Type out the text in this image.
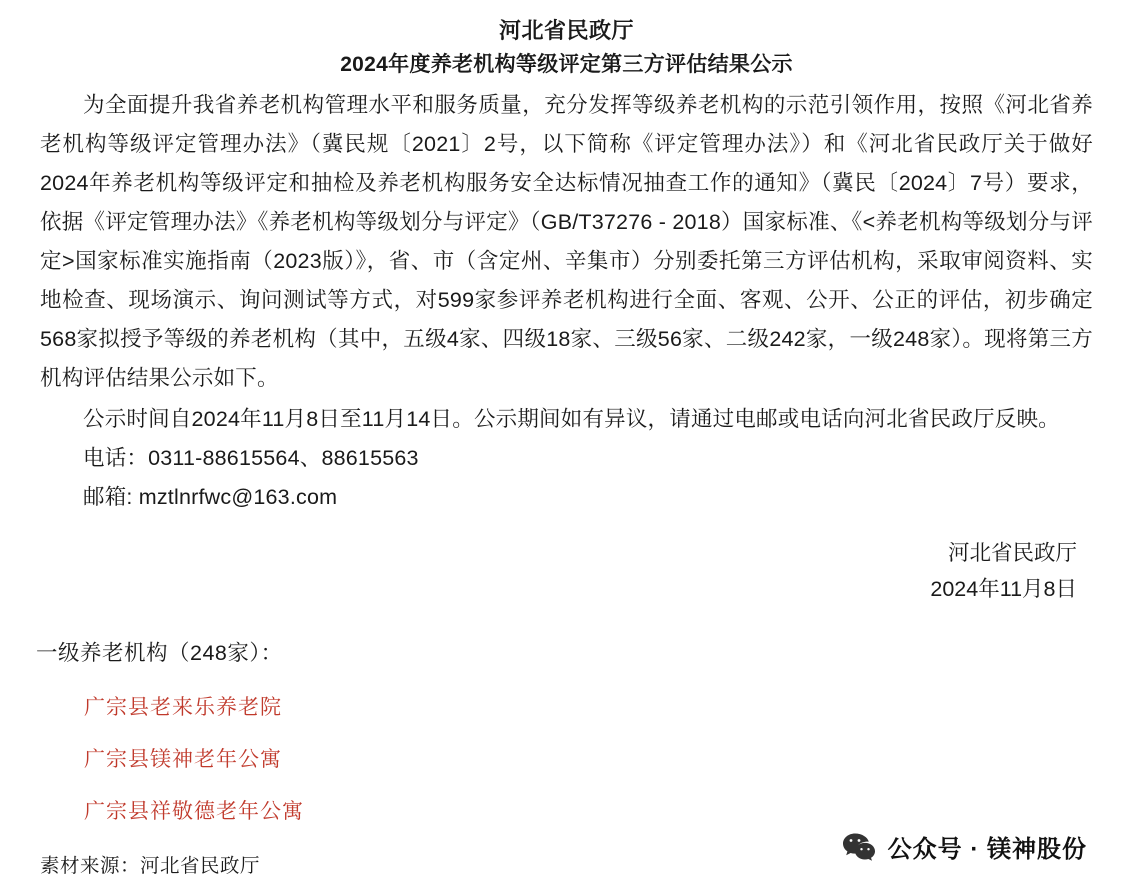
河北省民政厅
2024年度养老机构等级评定第三方评估结果公示

为全面提升我省养老机构管理水平和服务质量，充分发挥等级养老机构的示范引领作用，按照《河北省养老机构等级评定管理办法》（冀民规〔2021〕2号，以下简称《评定管理办法》）和《河北省民政厅关于做好2024年养老机构等级评定和抽检及养老机构服务安全达标情况抽查工作的通知》（冀民〔2024〕7号）要求，依据《评定管理办法》《养老机构等级划分与评定》（GB/T37276 - 2018）国家标准、《<养老机构等级划分与评定>国家标准实施指南（2023版）》，省、市（含定州、辛集市）分别委托第三方评估机构，采取审阅资料、实地检查、现场演示、询问测试等方式，对599家参评养老机构进行全面、客观、公开、公正的评估，初步确定568家拟授予等级的养老机构（其中，五级4家、四级18家、三级56家、二级242家，一级248家）。现将第三方机构评估结果公示如下。

公示时间自2024年11月8日至11月14日。公示期间如有异议，请通过电邮或电话向河北省民政厅反映。

电话：0311-88615564、88615563

邮箱: mztlnrfwc@163.com

河北省民政厅
2024年11月8日
一级养老机构（248家）：
广宗县老来乐养老院
广宗县镁神老年公寓
广宗县祥敬德老年公寓
素材来源：河北省民政厅
公众号 · 镁神股份
